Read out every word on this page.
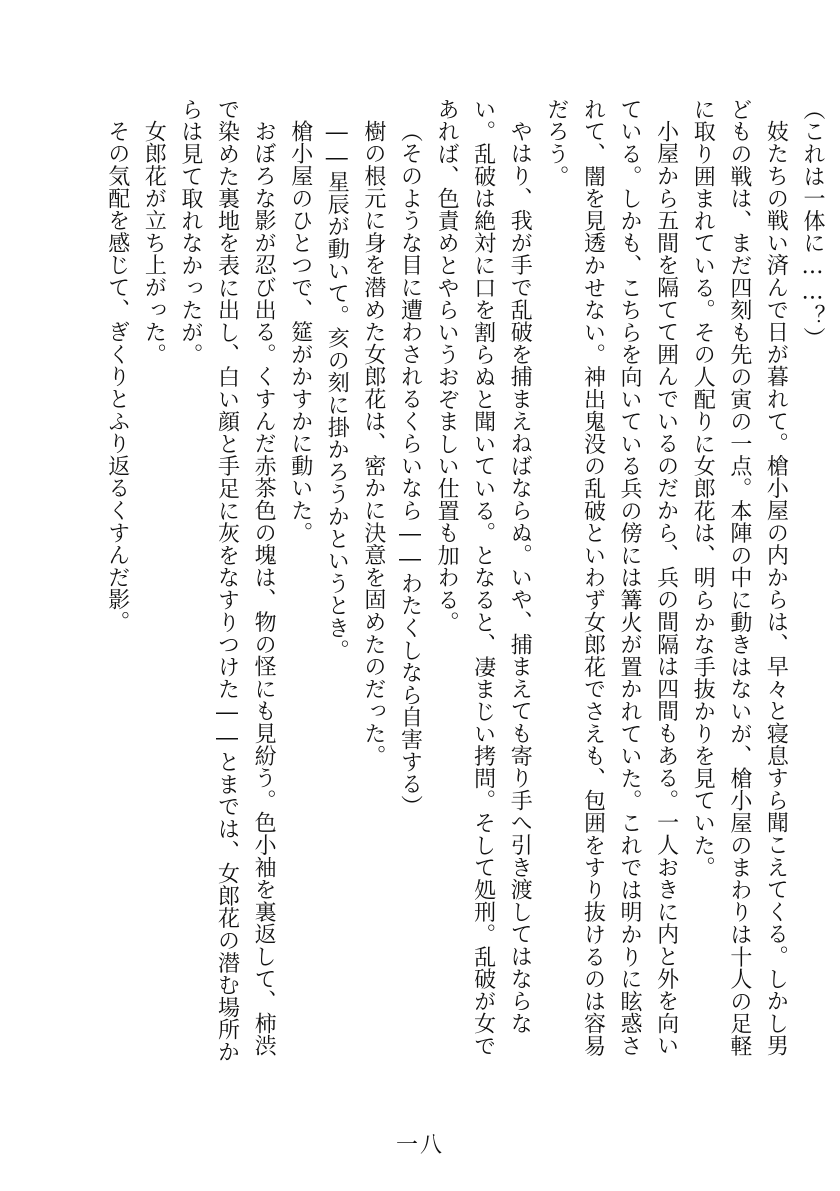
（これは一体に……？）
妓たちの戦い済んで日が暮れて。槍小屋の内からは、早々と寝息すら聞こえてくる。しかし男どもの戦は、まだ四刻も先の寅の一点。本陣の中に動きはないが、槍小屋のまわりは十人の足軽に取り囲まれている。その人配りに女郎花は、明らかな手抜かりを見ていた。
小屋から五間を隔てて囲んでいるのだから、兵の間隔は四間もある。一人おきに内と外を向いている。しかも、こちらを向いている兵の傍には篝火が置かれていた。これでは明かりに眩惑されて、闇を見透かせない。神出鬼没の乱破といわず女郎花でさえも、包囲をすり抜けるのは容易だろう。
やはり、我が手で乱破を捕まえねばならぬ。いや、捕まえても寄り手へ引き渡してはならない。乱破は絶対に口を割らぬと聞いている。となると、凄まじい拷問。そして処刑。乱破が女であれば、色責めとやらいうおぞましい仕置も加わる。
（そのような目に遭わされるくらいなら――わたくしなら自害する）
樹の根元に身を潜めた女郎花は、密かに決意を固めたのだった。
――星辰が動いて。亥の刻に掛かろうかというとき。
槍小屋のひとつで、筵がかすかに動いた。
おぼろな影が忍び出る。くすんだ赤茶色の塊は、物の怪にも見紛う。色小袖を裏返して、柿渋で染めた裏地を表に出し、白い顔と手足に灰をなすりつけた――とまでは、女郎花の潜む場所からは見て取れなかったが。
女郎花が立ち上がった。
その気配を感じて、ぎくりとふり返るくすんだ影。
一八
